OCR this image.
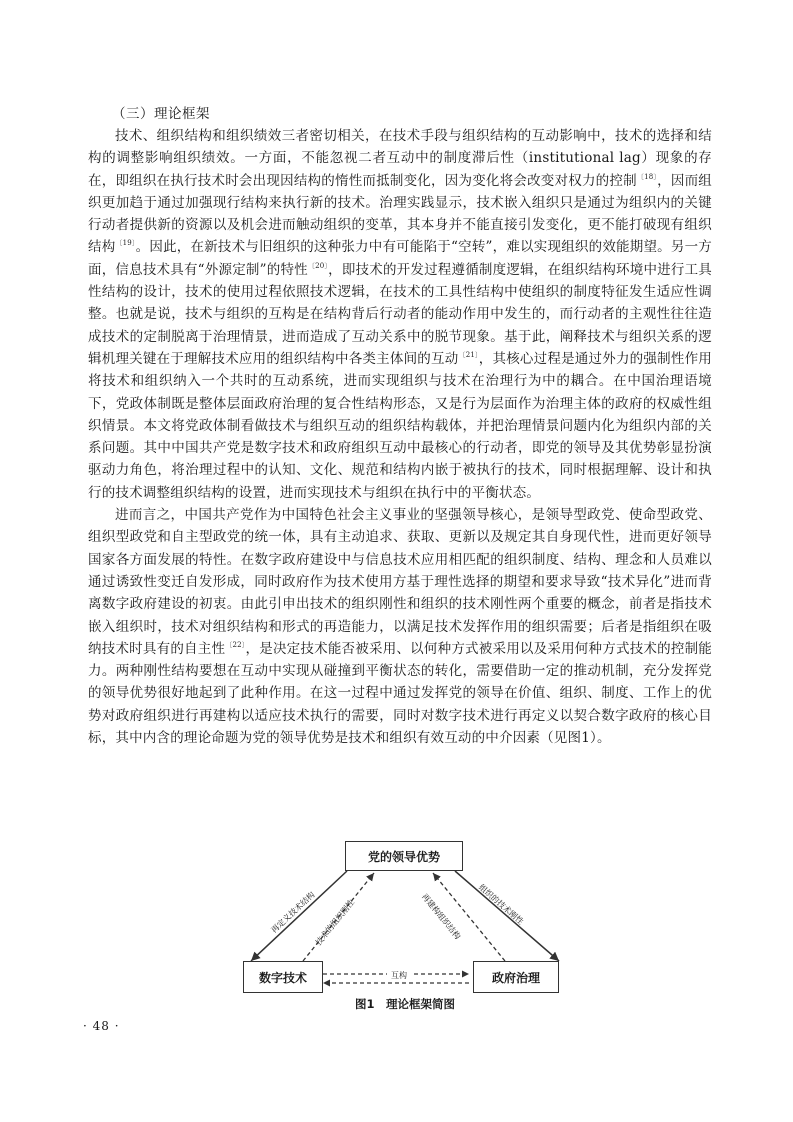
（三）理论框架

技术、组织结构和组织绩效三者密切相关，在技术手段与组织结构的互动影响中，技术的选择和结构的调整影响组织绩效。一方面，不能忽视二者互动中的制度滞后性（institutional lag）现象的存在，即组织在执行技术时会出现因结构的惰性而抵制变化，因为变化将会改变对权力的控制$^{〔18〕}$，因而组织更加趋于通过加强现行结构来执行新的技术。治理实践显示，技术嵌入组织只是通过为组织内的关键行动者提供新的资源以及机会进而触动组织的变革，其本身并不能直接引发变化，更不能打破现有组织结构$^{〔19〕}$。因此，在新技术与旧组织的这种张力中有可能陷于“空转”，难以实现组织的效能期望。另一方面，信息技术具有“外源定制”的特性$^{〔20〕}$，即技术的开发过程遵循制度逻辑，在组织结构环境中进行工具性结构的设计，技术的使用过程依照技术逻辑，在技术的工具性结构中使组织的制度特征发生适应性调整。也就是说，技术与组织的互构是在结构背后行动者的能动作用中发生的，而行动者的主观性往往造成技术的定制脱离于治理情景，进而造成了互动关系中的脱节现象。基于此，阐释技术与组织关系的逻辑机理关键在于理解技术应用的组织结构中各类主体间的互动$^{〔21〕}$，其核心过程是通过外力的强制性作用将技术和组织纳入一个共时的互动系统，进而实现组织与技术在治理行为中的耦合。在中国治理语境下，党政体制既是整体层面政府治理的复合性结构形态，又是行为层面作为治理主体的政府的权威性组织情景。本文将党政体制看做技术与组织互动的组织结构载体，并把治理情景问题内化为组织内部的关系问题。其中中国共产党是数字技术和政府组织互动中最核心的行动者，即党的领导及其优势彰显扮演驱动力角色，将治理过程中的认知、文化、规范和结构内嵌于被执行的技术，同时根据理解、设计和执行的技术调整组织结构的设置，进而实现技术与组织在执行中的平衡状态。

进而言之，中国共产党作为中国特色社会主义事业的坚强领导核心，是领导型政党、使命型政党、组织型政党和自主型政党的统一体，具有主动追求、获取、更新以及规定其自身现代性，进而更好领导国家各方面发展的特性。在数字政府建设中与信息技术应用相匹配的组织制度、结构、理念和人员难以通过诱致性变迁自发形成，同时政府作为技术使用方基于理性选择的期望和要求导致“技术异化”进而背离数字政府建设的初衷。由此引申出技术的组织刚性和组织的技术刚性两个重要的概念，前者是指技术嵌入组织时，技术对组织结构和形式的再造能力，以满足技术发挥作用的组织需要；后者是指组织在吸纳技术时具有的自主性$^{〔22〕}$，是决定技术能否被采用、以何种方式被采用以及采用何种方式技术的控制能力。两种刚性结构要想在互动中实现从碰撞到平衡状态的转化，需要借助一定的推动机制，充分发挥党的领导优势很好地起到了此种作用。在这一过程中通过发挥党的领导在价值、组织、制度、工作上的优势对政府组织进行再建构以适应技术执行的需要，同时对数字技术进行再定义以契合数字政府的核心目标，其中内含的理论命题为党的领导优势是技术和组织有效互动的中介因素（见图1）。

党的领导优势
数字技术	政府治理
再定义技术结构
技术的组织刚性	组织的技术刚性
再建构组织结构
互构
图1　理论框架简图
· 48 ·
